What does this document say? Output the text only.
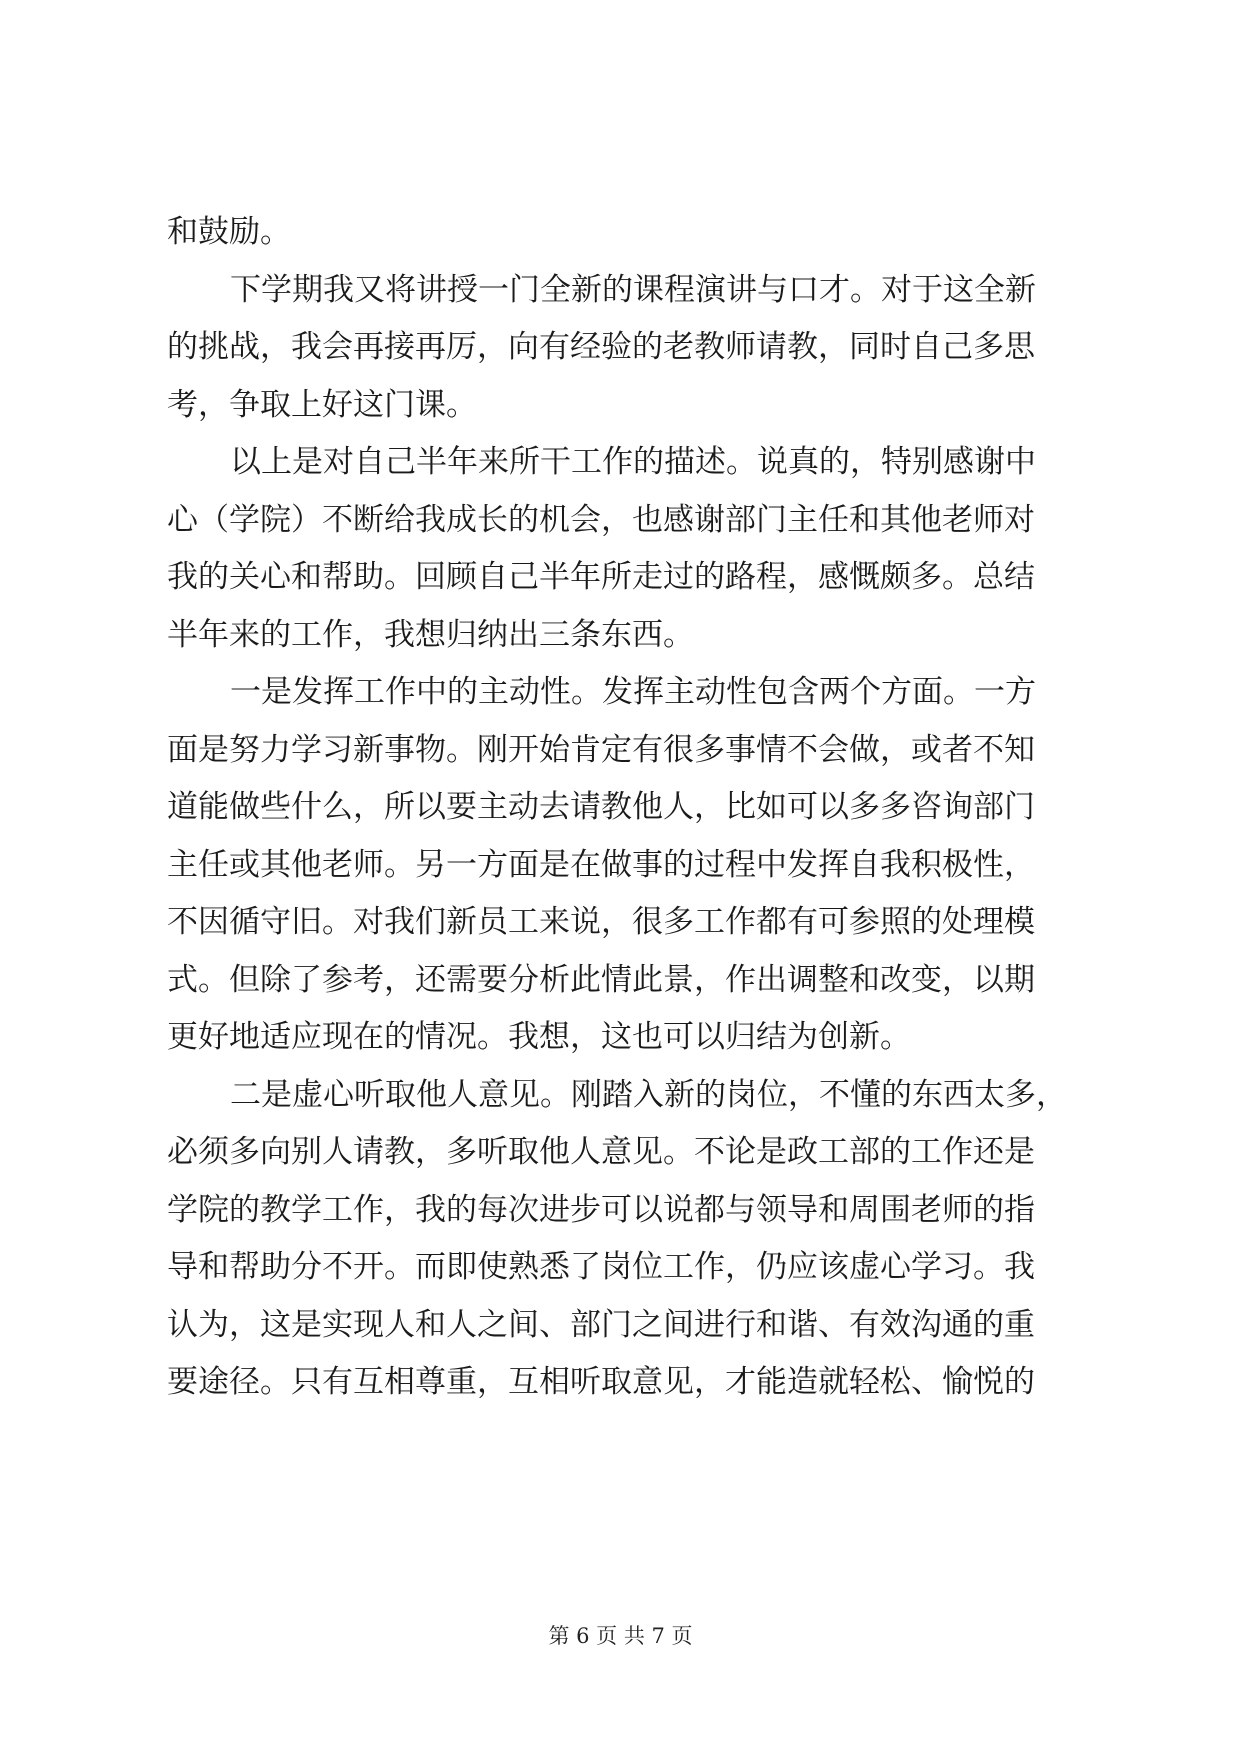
和鼓励。
下学期我又将讲授一门全新的课程演讲与口才。对于这全新
的挑战，我会再接再厉，向有经验的老教师请教，同时自己多思
考，争取上好这门课。
以上是对自己半年来所干工作的描述。说真的，特别感谢中
心（学院）不断给我成长的机会，也感谢部门主任和其他老师对
我的关心和帮助。回顾自己半年所走过的路程，感慨颇多。总结
半年来的工作，我想归纳出三条东西。
一是发挥工作中的主动性。发挥主动性包含两个方面。一方
面是努力学习新事物。刚开始肯定有很多事情不会做，或者不知
道能做些什么，所以要主动去请教他人，比如可以多多咨询部门
主任或其他老师。另一方面是在做事的过程中发挥自我积极性，
不因循守旧。对我们新员工来说，很多工作都有可参照的处理模
式。但除了参考，还需要分析此情此景，作出调整和改变，以期
更好地适应现在的情况。我想，这也可以归结为创新。
二是虚心听取他人意见。刚踏入新的岗位，不懂的东西太多，
必须多向别人请教，多听取他人意见。不论是政工部的工作还是
学院的教学工作，我的每次进步可以说都与领导和周围老师的指
导和帮助分不开。而即使熟悉了岗位工作，仍应该虚心学习。我
认为，这是实现人和人之间、部门之间进行和谐、有效沟通的重
要途径。只有互相尊重，互相听取意见，才能造就轻松、愉悦的
第 6 页 共 7 页
